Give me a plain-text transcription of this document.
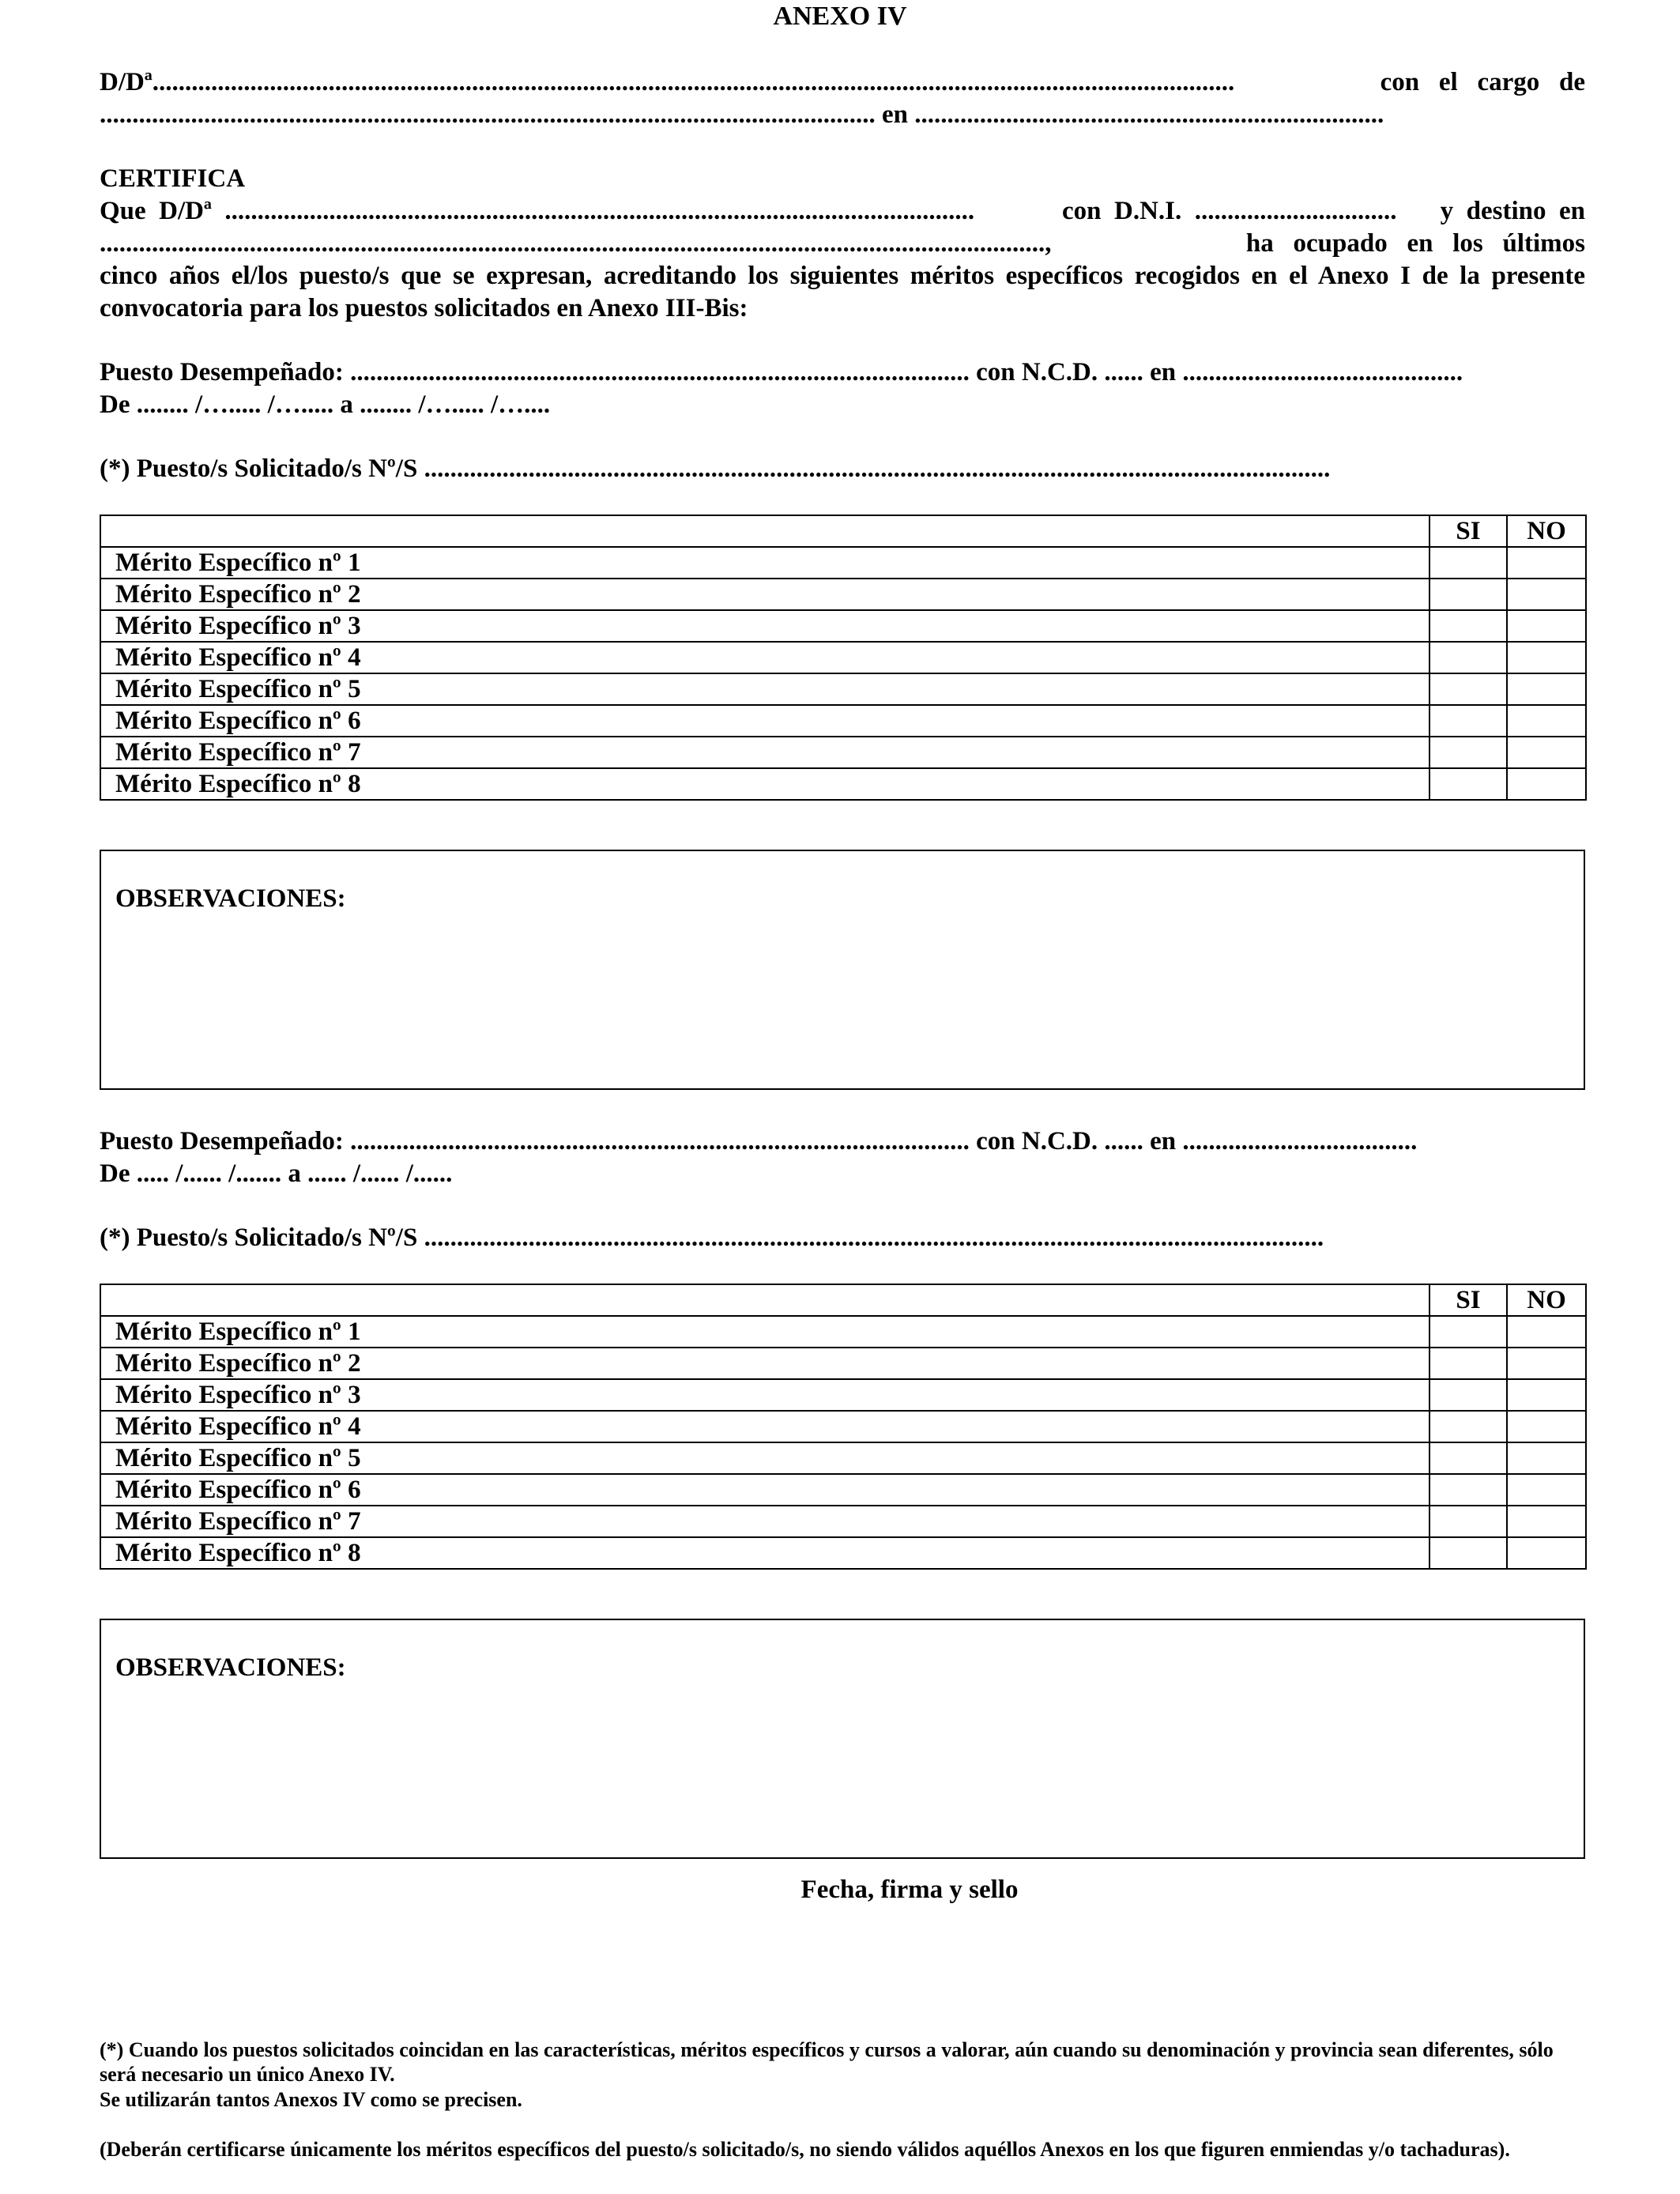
ANEXO IV

D/Dª......................................................................................................................................................................

	con   el   cargo   de

....................................................................................................................... en ........................................................................
CERTIFICA

Que  D/Dª  ...................................................................................................................

	con  D.N.I.  ...............................

y  destino  en

.................................................................................................................................................,

	ha   ocupado   en   los   últimos

cinco años el/los puesto/s que se expresan, acreditando los siguientes méritos específicos recogidos en el Anexo I de la presente
convocatoria para los puestos solicitados en Anexo III-Bis:
Puesto Desempeñado: ............................................................................................... con N.C.D. ...... en ...........................................
De ........ /…..... /…..... a ........ /…..... /…....
(*) Puesto/s Solicitado/s Nº/S ...........................................................................................................................................
	SI	NO
Mérito Específico nº 1		
Mérito Específico nº 2		
Mérito Específico nº 3		
Mérito Específico nº 4		
Mérito Específico nº 5		
Mérito Específico nº 6		
Mérito Específico nº 7		
Mérito Específico nº 8		
OBSERVACIONES:
Puesto Desempeñado: ............................................................................................... con N.C.D. ...... en ....................................
De ..... /...... /....... a ...... /...... /......
(*) Puesto/s Solicitado/s Nº/S ..........................................................................................................................................
	SI	NO
Mérito Específico nº 1		
Mérito Específico nº 2		
Mérito Específico nº 3		
Mérito Específico nº 4		
Mérito Específico nº 5		
Mérito Específico nº 6		
Mérito Específico nº 7		
Mérito Específico nº 8		
OBSERVACIONES:
Fecha, firma y sello
(*) Cuando los puestos solicitados coincidan en las características, méritos específicos y cursos a valorar, aún cuando su denominación y provincia sean diferentes, sólo será necesario un único Anexo IV.
Se utilizarán tantos Anexos IV como se precisen.
(Deberán certificarse únicamente los méritos específicos del puesto/s solicitado/s, no siendo válidos aquéllos Anexos en los que figuren enmiendas y/o tachaduras).
